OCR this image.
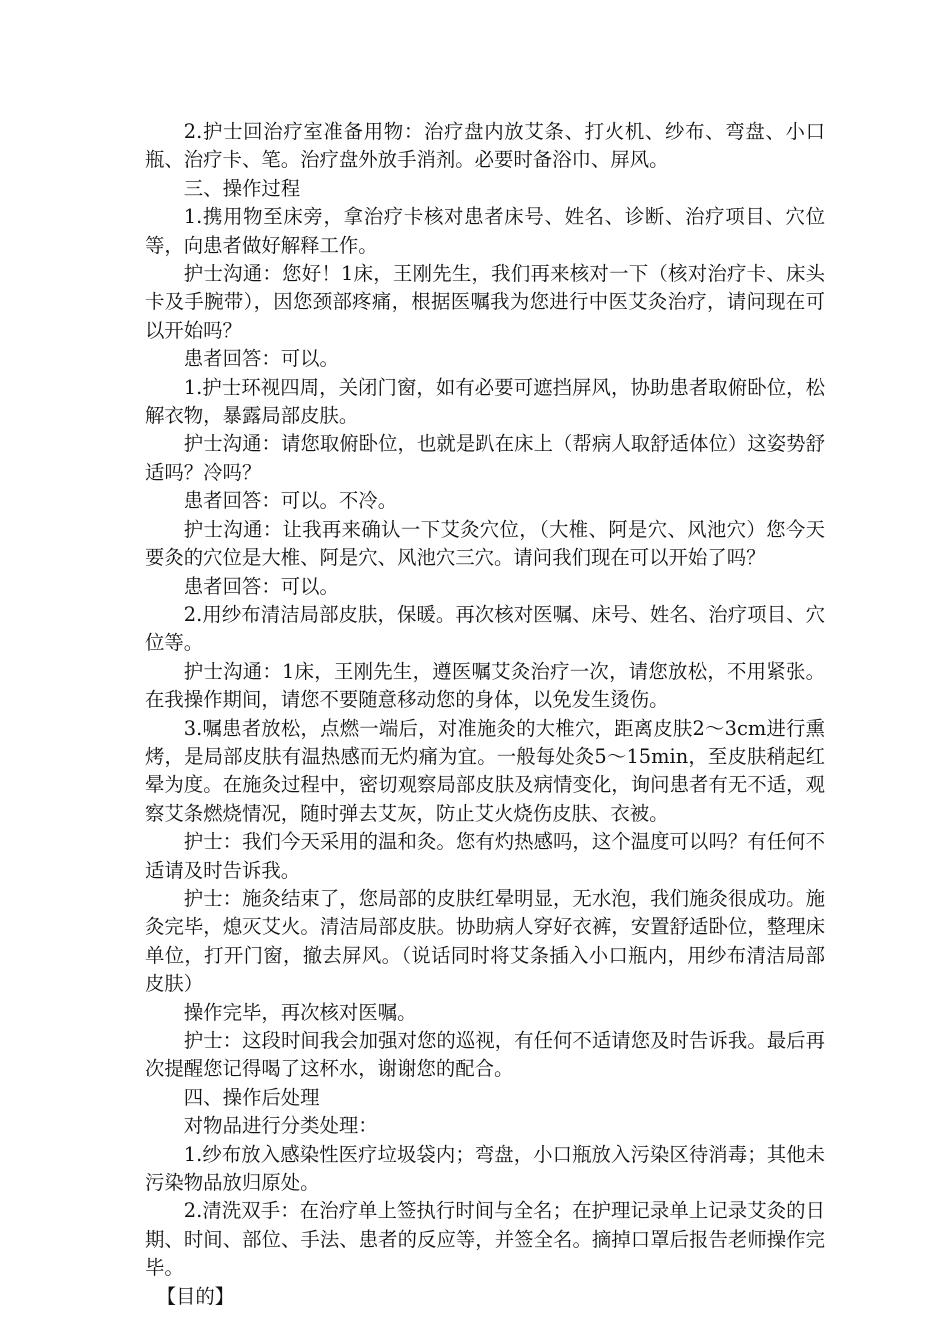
2.护士回治疗室准备用物：治疗盘内放艾条、打火机、纱布、弯盘、小口瓶、治疗卡、笔。治疗盘外放手消剂。必要时备浴巾、屏风。

三、操作过程

1.携用物至床旁，拿治疗卡核对患者床号、姓名、诊断、治疗项目、穴位等，向患者做好解释工作。

护士沟通：您好！1床，王刚先生，我们再来核对一下（核对治疗卡、床头卡及手腕带），因您颈部疼痛，根据医嘱我为您进行中医艾灸治疗，请问现在可以开始吗？

患者回答：可以。

1.护士环视四周，关闭门窗，如有必要可遮挡屏风，协助患者取俯卧位，松解衣物，暴露局部皮肤。

护士沟通：请您取俯卧位，也就是趴在床上（帮病人取舒适体位）这姿势舒适吗？冷吗？

患者回答：可以。不冷。

护士沟通：让我再来确认一下艾灸穴位，（大椎、阿是穴、风池穴）您今天要灸的穴位是大椎、阿是穴、风池穴三穴。请问我们现在可以开始了吗？

患者回答：可以。

2.用纱布清洁局部皮肤，保暖。再次核对医嘱、床号、姓名、治疗项目、穴位等。

护士沟通：1床，王刚先生，遵医嘱艾灸治疗一次，请您放松，不用紧张。在我操作期间，请您不要随意移动您的身体，以免发生烫伤。

3.嘱患者放松，点燃一端后，对准施灸的大椎穴，距离皮肤2～3cm进行熏烤，是局部皮肤有温热感而无灼痛为宜。一般每处灸5～15min，至皮肤稍起红晕为度。在施灸过程中，密切观察局部皮肤及病情变化，询问患者有无不适，观察艾条燃烧情况，随时弹去艾灰，防止艾火烧伤皮肤、衣被。

护士：我们今天采用的温和灸。您有灼热感吗，这个温度可以吗？有任何不适请及时告诉我。

护士：施灸结束了，您局部的皮肤红晕明显，无水泡，我们施灸很成功。施灸完毕，熄灭艾火。清洁局部皮肤。协助病人穿好衣裤，安置舒适卧位，整理床单位，打开门窗，撤去屏风。（说话同时将艾条插入小口瓶内，用纱布清洁局部皮肤）

操作完毕，再次核对医嘱。

护士：这段时间我会加强对您的巡视，有任何不适请您及时告诉我。最后再次提醒您记得喝了这杯水，谢谢您的配合。

四、操作后处理

对物品进行分类处理：

1.纱布放入感染性医疗垃圾袋内；弯盘，小口瓶放入污染区待消毒；其他未污染物品放归原处。

2.清洗双手：在治疗单上签执行时间与全名；在护理记录单上记录艾灸的日期、时间、部位、手法、患者的反应等，并签全名。摘掉口罩后报告老师操作完毕。

【目的】
